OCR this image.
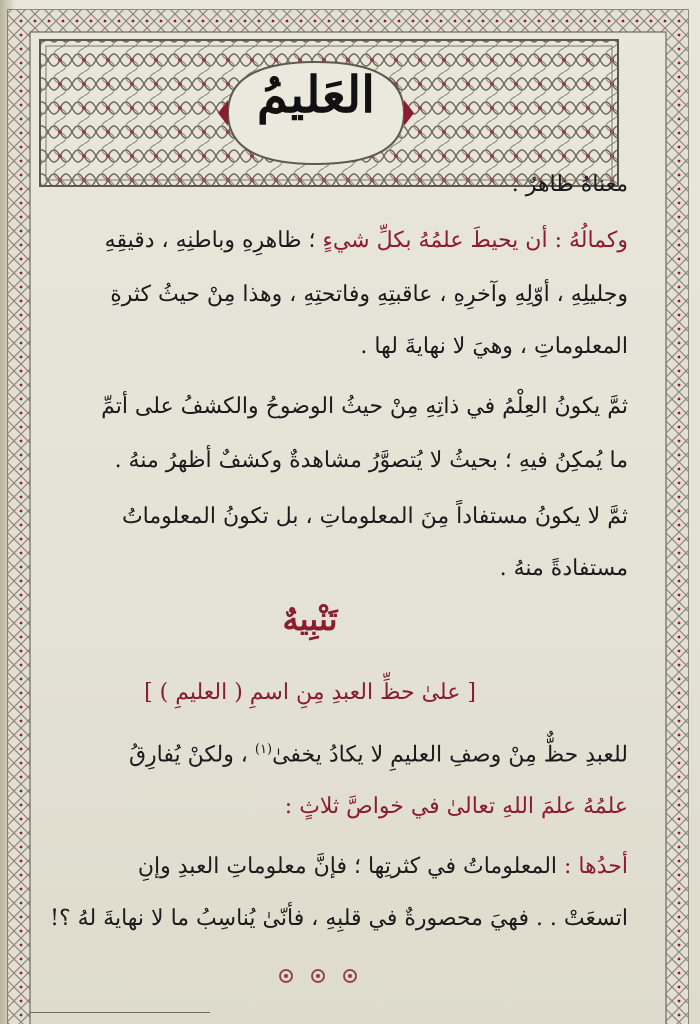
العَليمُ
معناهُ ظاهرٌ .
وكمالُهُ : أن يحيطَ علمُهُ بكلِّ شيءٍ ؛ ظاهرِهِ وباطنِهِ ، دقيقِهِ
وجليلِهِ ، أوّلِهِ وآخرِهِ ، عاقبتِهِ وفاتحتِهِ ، وهذا مِنْ حيثُ كثرةِ
المعلوماتِ ، وهيَ لا نهايةَ لها .
ثمَّ يكونُ العِلْمُ في ذاتِهِ مِنْ حيثُ الوضوحُ والكشفُ على أتمِّ
ما يُمكِنُ فيهِ ؛ بحيثُ لا يُتصوَّرُ مشاهدةٌ وكشفٌ أظهرُ منهُ .
ثمَّ لا يكونُ مستفاداً مِنَ المعلوماتِ ، بل تكونُ المعلوماتُ
مستفادةً منهُ .
تَنْبِيهٌ
[ علىٰ حظِّ العبدِ مِنِ اسمِ ( العليمِ ) ]
للعبدِ حظٌّ مِنْ وصفِ العليمِ لا يكادُ يخفىٰ$^{(١)}$ ، ولكنْ يُفارِقُ
علمُهُ علمَ اللهِ تعالىٰ في خواصَّ ثلاثٍ :
أحدُها : المعلوماتُ في كثرتِها ؛ فإنَّ معلوماتِ العبدِ وإنِ
اتسعَتْ . . فهيَ محصورةٌ في قلبِهِ ، فأنّىٰ يُناسِبُ ما لا نهايةَ لهُ ؟!
